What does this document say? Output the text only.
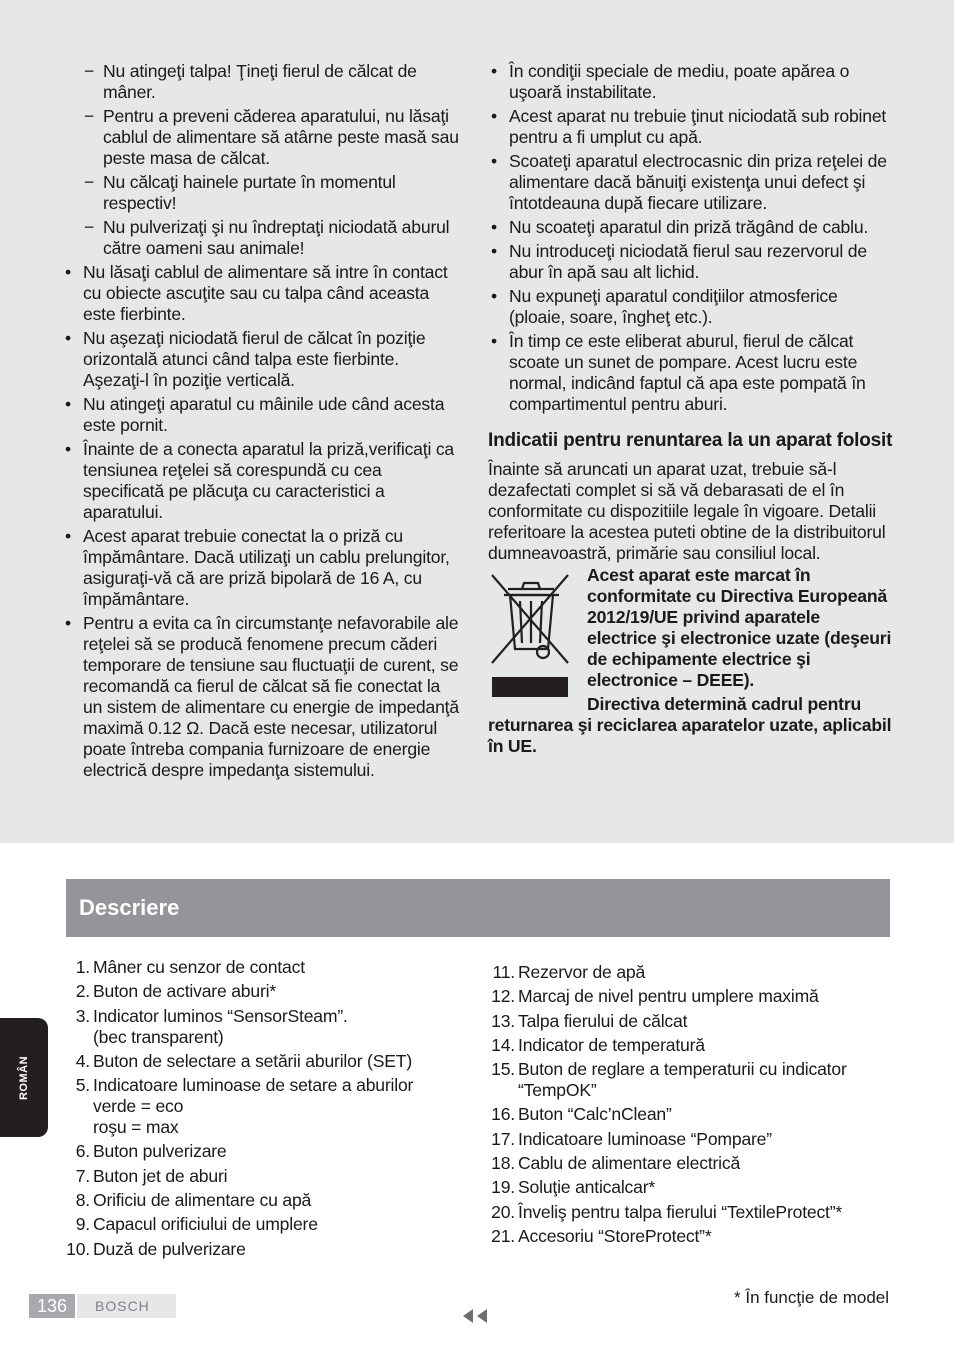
− Nu atingeţi talpa! Ţineţi fierul de călcat de mâner.
− Pentru a preveni căderea aparatului, nu lăsaţi cablul de alimentare să atârne peste masă sau peste masa de călcat.
− Nu călcaţi hainele purtate în momentul respectiv!
− Nu pulverizaţi şi nu îndreptaţi niciodată aburul către oameni sau animale!
• Nu lăsaţi cablul de alimentare să intre în contact cu obiecte ascuţite sau cu talpa când aceasta este fierbinte.
• Nu aşezaţi niciodată fierul de călcat în poziţie orizontală atunci când talpa este fierbinte. Aşezaţi-l în poziţie verticală.
• Nu atingeţi aparatul cu mâinile ude când acesta este pornit.
• Înainte de a conecta aparatul la priză,verificaţi ca tensiunea reţelei să corespundă cu cea specificată pe plăcuţa cu caracteristici a aparatului.
• Acest aparat trebuie conectat la o priză cu împământare. Dacă utilizaţi un cablu prelungitor, asiguraţi-vă că are priză bipolară de 16 A, cu împământare.
• Pentru a evita ca în circumstanţe nefavorabile ale reţelei să se producă fenomene precum căderi temporare de tensiune sau fluctuaţii de curent, se recomandă ca fierul de călcat să fie conectat la un sistem de alimentare cu energie de impedanţă maximă 0.12 Ω. Dacă este necesar, utilizatorul poate întreba compania furnizoare de energie electrică despre impedanţa sistemului.
• În condiţii speciale de mediu, poate apărea o uşoară instabilitate.
• Acest aparat nu trebuie ţinut niciodată sub robinet pentru a fi umplut cu apă.
• Scoateţi aparatul electrocasnic din priza reţelei de alimentare dacă bănuiţi existenţa unui defect şi întotdeauna după fiecare utilizare.
• Nu scoateţi aparatul din priză trăgând de cablu.
• Nu introduceţi niciodată fierul sau rezervorul de abur în apă sau alt lichid.
• Nu expuneţi aparatul condiţiilor atmosferice (ploaie, soare, îngheţ etc.).
• În timp ce este eliberat aburul, fierul de călcat scoate un sunet de pompare. Acest lucru este normal, indicând faptul că apa este pompată în compartimentul pentru aburi.
Indicatii pentru renuntarea la un aparat folosit

Înainte să aruncati un aparat uzat, trebuie să-l dezafectati complet si să vă debarasati de el în conformitate cu dispozitiile legale în vigoare. Detalii referitoare la acestea puteti obtine de la distribuitorul dumneavoastră, primărie sau consiliul local.

Acest aparat este marcat în conformitate cu Directiva Europeană 2012/19/UE privind aparatele electrice şi electronice uzate (deşeuri de echipamente electrice şi electronice – DEEE).
Directiva determină cadrul pentru
returnarea şi reciclarea aparatelor uzate, aplicabil în UE.
Descriere
1. Mâner cu senzor de contact
2. Buton de activare aburi*
3. Indicator luminos “SensorSteam”.
(bec transparent)
4. Buton de selectare a setării aburilor (SET)
5. Indicatoare luminoase de setare a aburilor
verde = eco
roşu = max
6. Buton pulverizare
7. Buton jet de aburi
8. Orificiu de alimentare cu apă
9. Capacul orificiului de umplere
10. Duză de pulverizare
11. Rezervor de apă
12. Marcaj de nivel pentru umplere maximă
13. Talpa fierului de călcat
14. Indicator de temperatură
15. Buton de reglare a temperaturii cu indicator
“TempOK”
16. Buton “Calc’nClean”
17. Indicatoare luminoase “Pompare”
18. Cablu de alimentare electrică
19. Soluţie anticalcar*
20. Înveliş pentru talpa fierului “TextileProtect”*
21. Accesoriu “StoreProtect”*
ROMÂN
136	BOSCH	* În funcţie de model
